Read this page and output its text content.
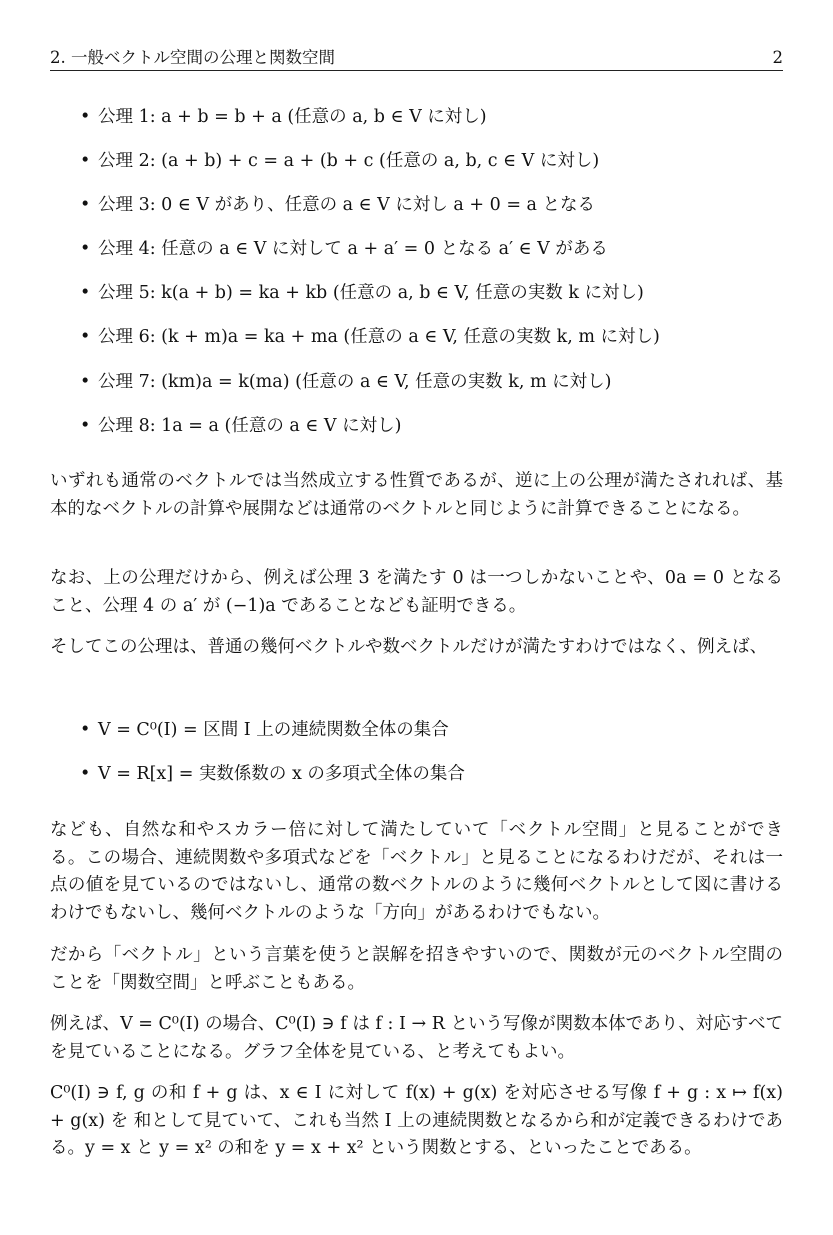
2. 一般ベクトル空間の公理と関数空間	2
• 公理 1: a + b = b + a (任意の a, b ∈ V に対し)
• 公理 2: (a + b) + c = a + (b + c (任意の a, b, c ∈ V に対し)
• 公理 3: 0 ∈ V があり、任意の a ∈ V に対し a + 0 = a となる
• 公理 4: 任意の a ∈ V に対して a + a′ = 0 となる a′ ∈ V がある
• 公理 5: k(a + b) = ka + kb (任意の a, b ∈ V, 任意の実数 k に対し)
• 公理 6: (k + m)a = ka + ma (任意の a ∈ V, 任意の実数 k, m に対し)
• 公理 7: (km)a = k(ma) (任意の a ∈ V, 任意の実数 k, m に対し)
• 公理 8: 1a = a (任意の a ∈ V に対し)

いずれも通常のベクトルでは当然成立する性質であるが、逆に上の公理が満たされれば、基本的なベクトルの計算や展開などは通常のベクトルと同じように計算できることになる。

なお、上の公理だけから、例えば公理 3 を満たす 0 は一つしかないことや、0a = 0 となること、公理 4 の a′ が (−1)a であることなども証明できる。

そしてこの公理は、普通の幾何ベクトルや数ベクトルだけが満たすわけではなく、例えば、

• V = C⁰(I) = 区間 I 上の連続関数全体の集合
• V = R[x] = 実数係数の x の多項式全体の集合

なども、自然な和やスカラー倍に対して満たしていて「ベクトル空間」と見ることができる。この場合、連続関数や多項式などを「ベクトル」と見ることになるわけだが、それは一点の値を見ているのではないし、通常の数ベクトルのように幾何ベクトルとして図に書けるわけでもないし、幾何ベクトルのような「方向」があるわけでもない。

だから「ベクトル」という言葉を使うと誤解を招きやすいので、関数が元のベクトル空間のことを「関数空間」と呼ぶこともある。

例えば、V = C⁰(I) の場合、C⁰(I) ∋ f は f : I → R という写像が関数本体であり、対応すべてを見ていることになる。グラフ全体を見ている、と考えてもよい。

C⁰(I) ∋ f, g の和 f + g は、x ∈ I に対して f(x) + g(x) を対応させる写像 f + g : x ↦ f(x) + g(x) を 和として見ていて、これも当然 I 上の連続関数となるから和が定義できるわけである。y = x と y = x² の和を y = x + x² という関数とする、といったことである。
